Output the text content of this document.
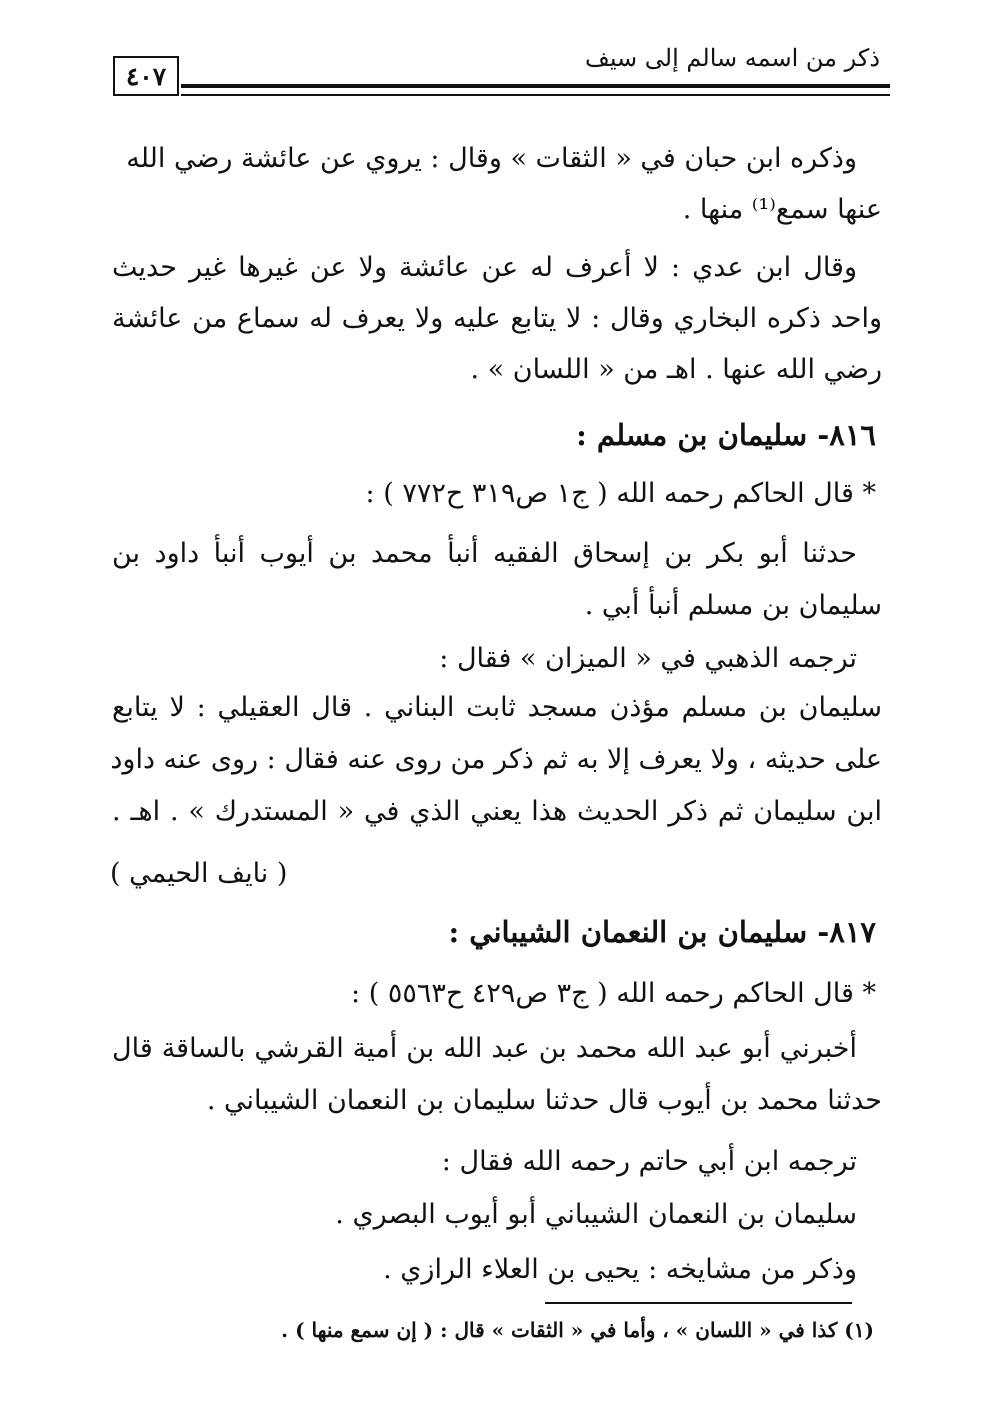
ذكر من اسمه سالم إلى سيف
٤٠٧
وذكره ابن حبان في « الثقات » وقال : يروي عن عائشة رضي الله
عنها سمع⁽¹⁾ منها .
وقال ابن عدي : لا أعرف له عن عائشة ولا عن غيرها غير حديث
واحد ذكره البخاري وقال : لا يتابع عليه ولا يعرف له سماع من عائشة
رضي الله عنها . اهـ من « اللسان » .
٨١٦- سليمان بن مسلم :
* قال الحاكم رحمه الله ( ج١ ص٣١٩ ح٧٧٢ ) :
حدثنا أبو بكر بن إسحاق الفقيه أنبأ محمد بن أيوب أنبأ داود بن
سليمان بن مسلم أنبأ أبي .
ترجمه الذهبي في « الميزان » فقال :
سليمان بن مسلم مؤذن مسجد ثابت البناني . قال العقيلي : لا يتابع
على حديثه ، ولا يعرف إلا به ثم ذكر من روى عنه فقال : روى عنه داود
ابن سليمان ثم ذكر الحديث هذا يعني الذي في « المستدرك » . اهـ .
( نايف الحيمي )
٨١٧- سليمان بن النعمان الشيباني :
* قال الحاكم رحمه الله ( ج٣ ص٤٢٩ ح٥٥٦٣ ) :
أخبرني أبو عبد الله محمد بن عبد الله بن أمية القرشي بالساقة قال
حدثنا محمد بن أيوب قال حدثنا سليمان بن النعمان الشيباني .
ترجمه ابن أبي حاتم رحمه الله فقال :
سليمان بن النعمان الشيباني أبو أيوب البصري .
وذكر من مشايخه : يحيى بن العلاء الرازي .
(١) كذا في « اللسان » ، وأما في « الثقات » قال : ( إن سمع منها ) .
